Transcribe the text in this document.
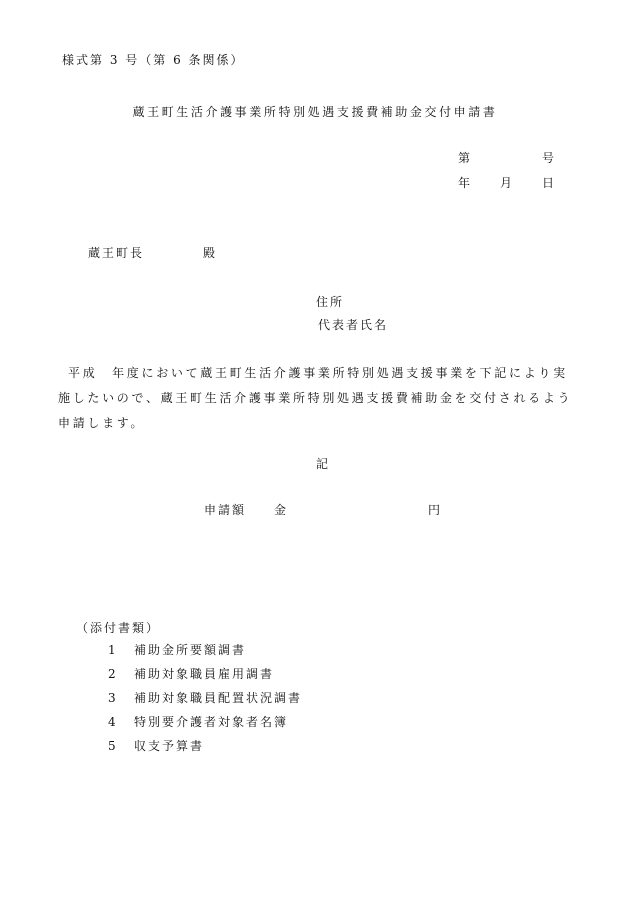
様式第 3 号（第 6 条関係）
蔵王町生活介護事業所特別処遇支援費補助金交付申請書
第	号
年 月 日
蔵王町長	殿
住所
代表者氏名

平成　年度において蔵王町生活介護事業所特別処遇支援事業を下記により実施したいので、蔵王町生活介護事業所特別処遇支援費補助金を交付されるよう申請します。

記
申請額 金	円
（添付書類）
1 補助金所要額調書
2 補助対象職員雇用調書
3 補助対象職員配置状況調書
4 特別要介護者対象者名簿
5 収支予算書
